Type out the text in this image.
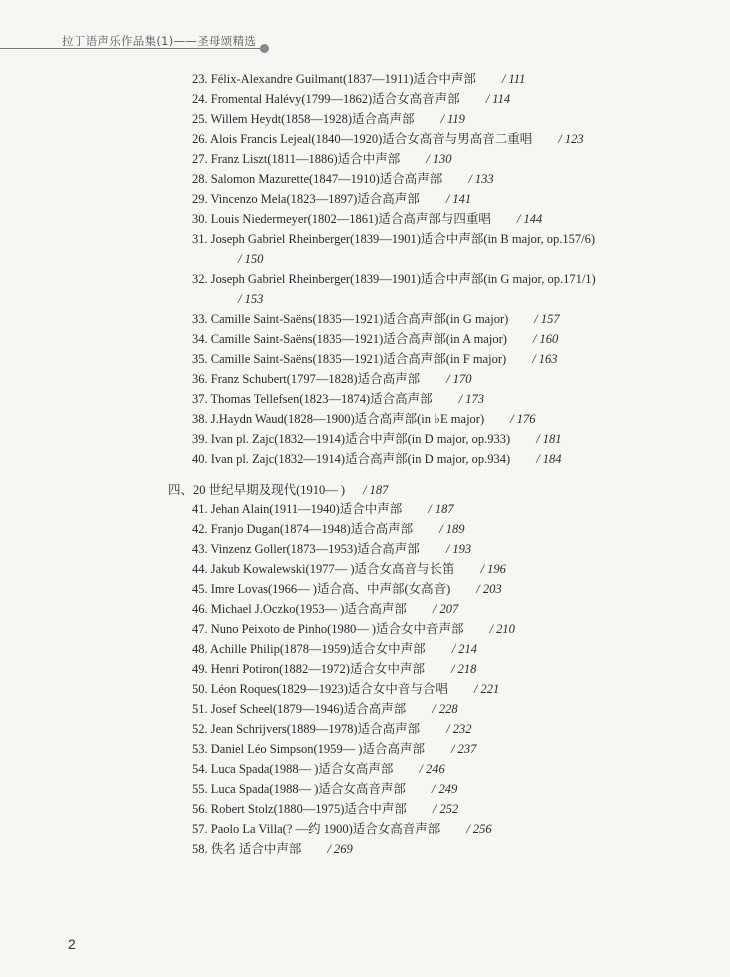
拉丁语声乐作品集(1)——圣母颂精选
23. Félix-Alexandre Guilmant(1837—1911)适合中声部 / 111
24. Fromental Halévy(1799—1862)适合女高音声部 / 114
25. Willem Heydt(1858—1928)适合高声部 / 119
26. Alois Francis Lejeal(1840—1920)适合女高音与男高音二重唱 / 123
27. Franz Liszt(1811—1886)适合中声部 / 130
28. Salomon Mazurette(1847—1910)适合高声部 / 133
29. Vincenzo Mela(1823—1897)适合高声部 / 141
30. Louis Niedermeyer(1802—1861)适合高声部与四重唱 / 144
31. Joseph Gabriel Rheinberger(1839—1901)适合中声部(in B major, op.157/6)
/ 150
32. Joseph Gabriel Rheinberger(1839—1901)适合中声部(in G major, op.171/1)
/ 153
33. Camille Saint-Saëns(1835—1921)适合高声部(in G major) / 157
34. Camille Saint-Saëns(1835—1921)适合高声部(in A major) / 160
35. Camille Saint-Saëns(1835—1921)适合高声部(in F major) / 163
36. Franz Schubert(1797—1828)适合高声部 / 170
37. Thomas Tellefsen(1823—1874)适合高声部 / 173
38. J.Haydn Waud(1828—1900)适合高声部(in ♭E major) / 176
39. Ivan pl. Zajc(1832—1914)适合中声部(in D major, op.933) / 181
40. Ivan pl. Zajc(1832—1914)适合高声部(in D major, op.934) / 184
四、20 世纪早期及现代(1910— ) / 187
41. Jehan Alain(1911—1940)适合中声部 / 187
42. Franjo Dugan(1874—1948)适合高声部 / 189
43. Vinzenz Goller(1873—1953)适合高声部 / 193
44. Jakub Kowalewski(1977— )适合女高音与长笛 / 196
45. Imre Lovas(1966— )适合高、中声部(女高音) / 203
46. Michael J.Oczko(1953— )适合高声部 / 207
47. Nuno Peixoto de Pinho(1980— )适合女中音声部 / 210
48. Achille Philip(1878—1959)适合女中声部 / 214
49. Henri Potiron(1882—1972)适合女中声部 / 218
50. Léon Roques(1829—1923)适合女中音与合唱 / 221
51. Josef Scheel(1879—1946)适合高声部 / 228
52. Jean Schrijvers(1889—1978)适合高声部 / 232
53. Daniel Léo Simpson(1959— )适合高声部 / 237
54. Luca Spada(1988— )适合女高声部 / 246
55. Luca Spada(1988— )适合女高音声部 / 249
56. Robert Stolz(1880—1975)适合中声部 / 252
57. Paolo La Villa(? —约 1900)适合女高音声部 / 256
58. 佚名 适合中声部 / 269
2
